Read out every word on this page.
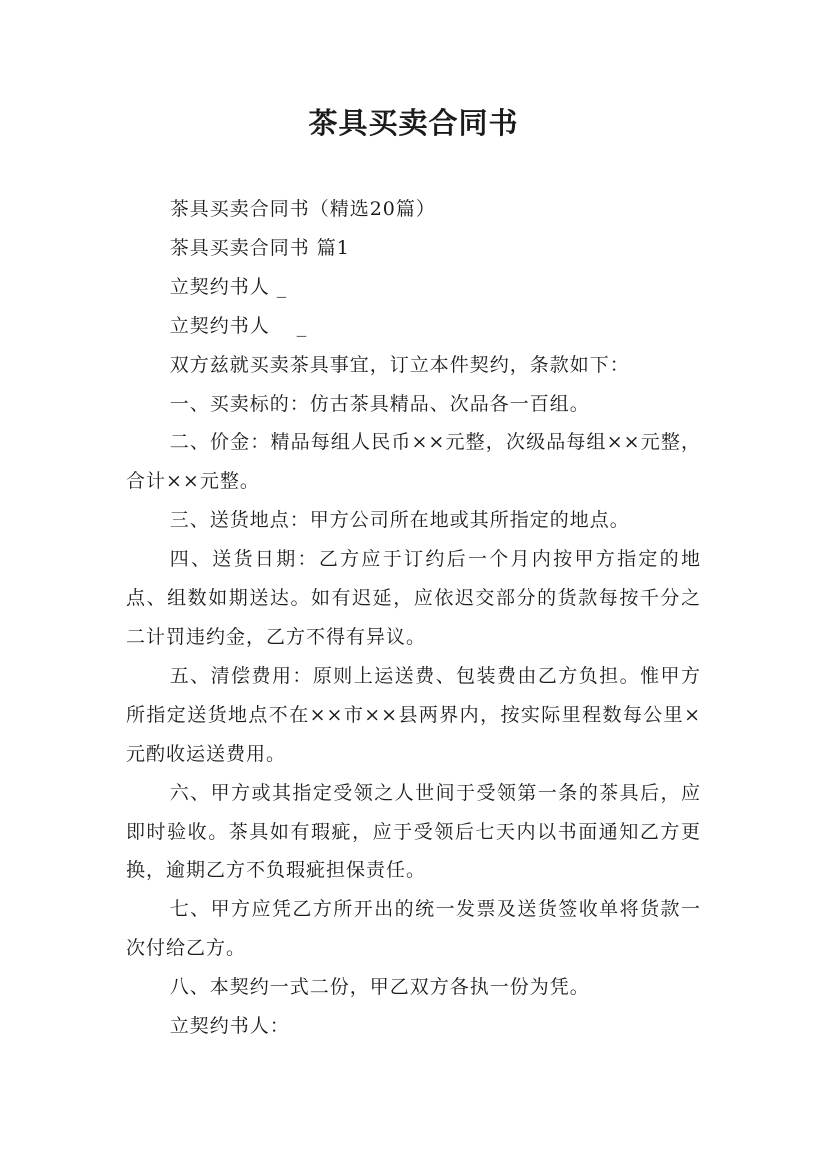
茶具买卖合同书

茶具买卖合同书（精选20篇）

茶具买卖合同书 篇1

立契约书人 _

立契约书人　 _

双方兹就买卖茶具事宜，订立本件契约，条款如下：

一、买卖标的：仿古茶具精品、次品各一百组。

二、价金：精品每组人民币××元整，次级品每组××元整，合计××元整。

三、送货地点：甲方公司所在地或其所指定的地点。

四、送货日期：乙方应于订约后一个月内按甲方指定的地点、组数如期送达。如有迟延，应依迟交部分的货款每按千分之二计罚违约金，乙方不得有异议。

五、清偿费用：原则上运送费、包装费由乙方负担。惟甲方所指定送货地点不在××市××县两界内，按实际里程数每公里×元酌收运送费用。

六、甲方或其指定受领之人世间于受领第一条的茶具后，应即时验收。茶具如有瑕疵，应于受领后七天内以书面通知乙方更换，逾期乙方不负瑕疵担保责任。

七、甲方应凭乙方所开出的统一发票及送货签收单将货款一次付给乙方。

八、本契约一式二份，甲乙双方各执一份为凭。

立契约书人：
